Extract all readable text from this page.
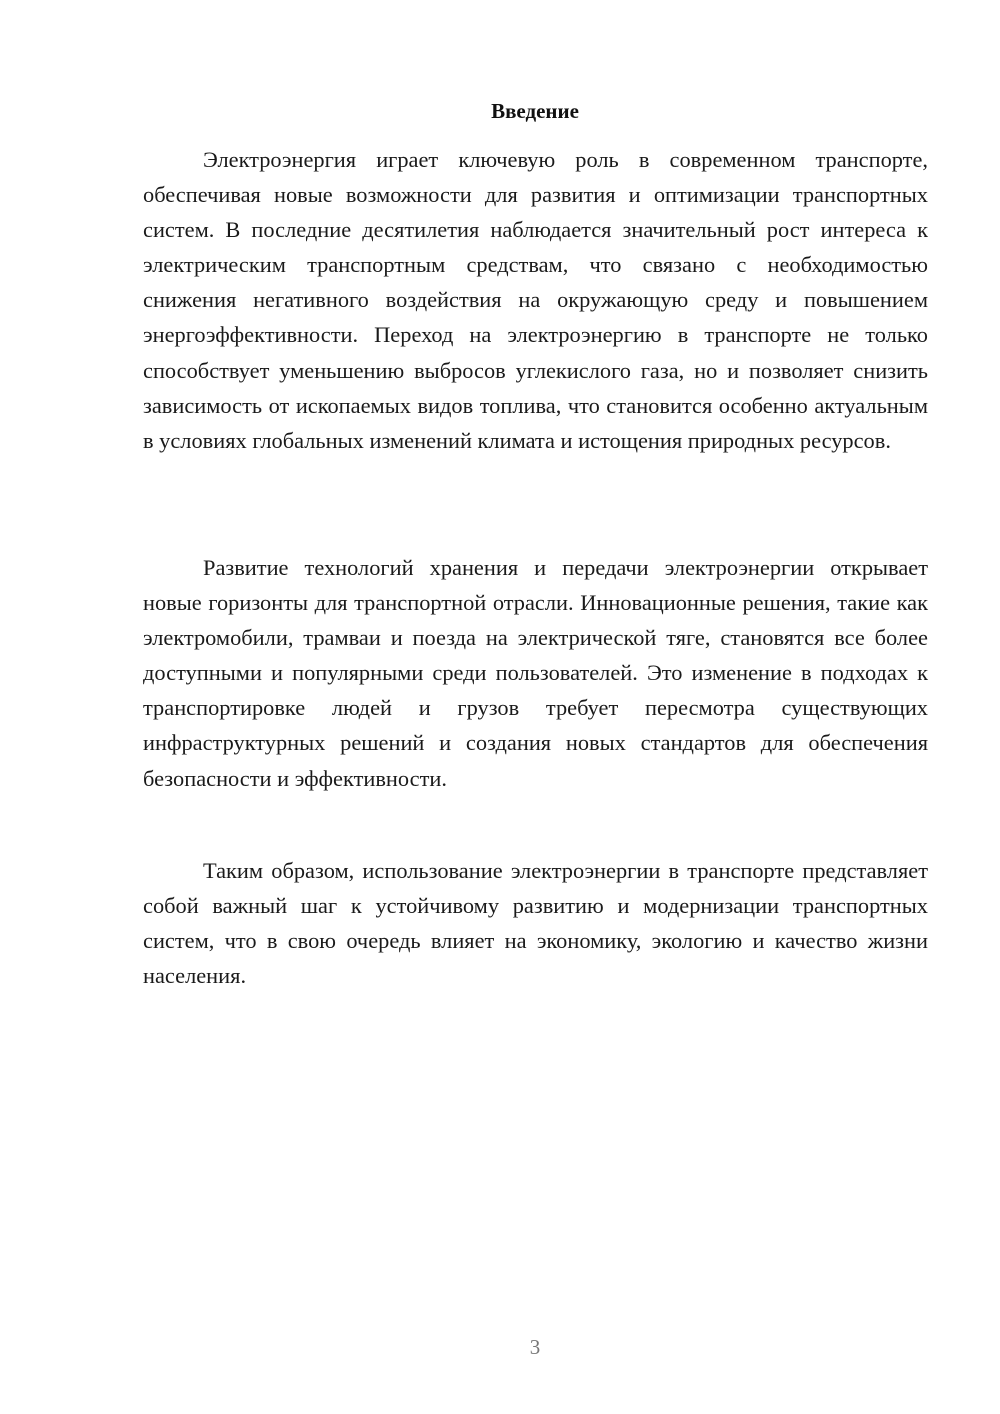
Введение

Электроэнергия играет ключевую роль в современном транспорте, обеспечивая новые возможности для развития и оптимизации транспортных систем. В последние десятилетия наблюдается значительный рост интереса к электрическим транспортным средствам, что связано с необходимостью снижения негативного воздействия на окружающую среду и повышением энергоэффективности. Переход на электроэнергию в транспорте не только способствует уменьшению выбросов углекислого газа, но и позволяет снизить зависимость от ископаемых видов топлива, что становится особенно актуальным в условиях глобальных изменений климата и истощения природных ресурсов.

Развитие технологий хранения и передачи электроэнергии открывает новые горизонты для транспортной отрасли. Инновационные решения, такие как электромобили, трамваи и поезда на электрической тяге, становятся все более доступными и популярными среди пользователей. Это изменение в подходах к транспортировке людей и грузов требует пересмотра существующих инфраструктурных решений и создания новых стандартов для обеспечения безопасности и эффективности.

Таким образом, использование электроэнергии в транспорте представляет собой важный шаг к устойчивому развитию и модернизации транспортных систем, что в свою очередь влияет на экономику, экологию и качество жизни населения.

3
